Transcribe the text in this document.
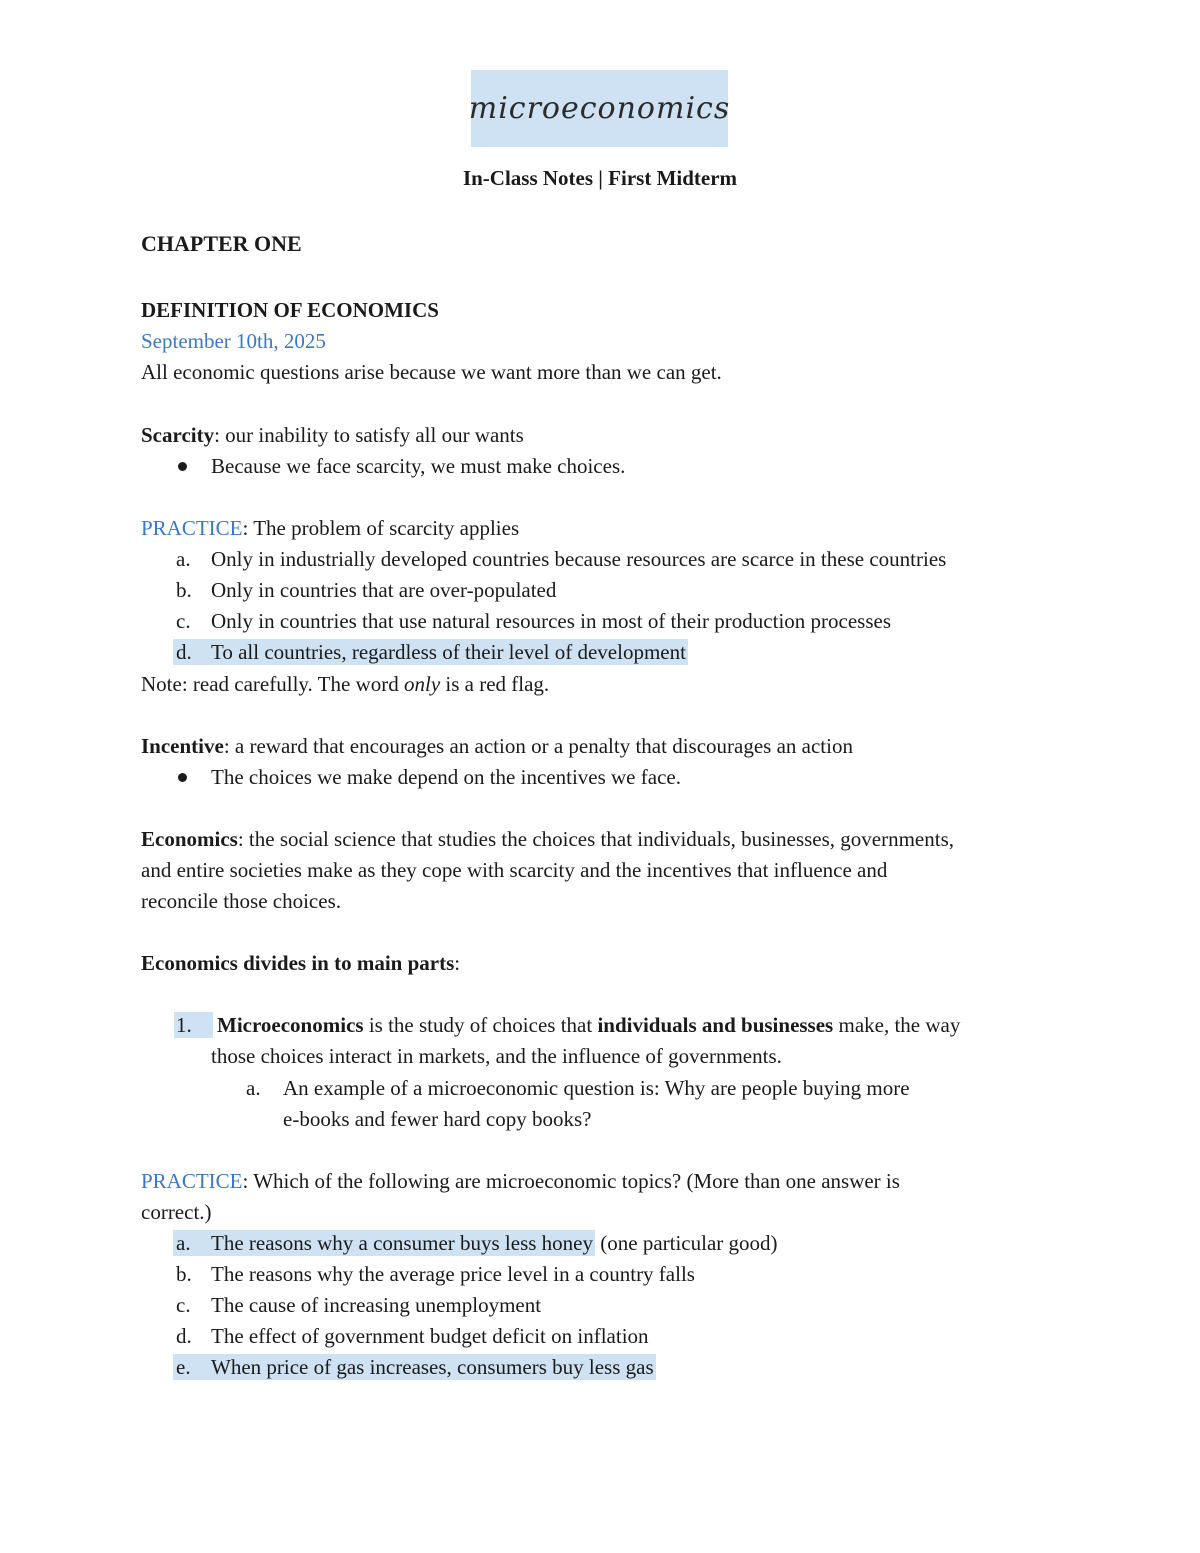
microeconomics
In-Class Notes | First Midterm
CHAPTER ONE
DEFINITION OF ECONOMICS
September 10th, 2025
All economic questions arise because we want more than we can get.
Scarcity: our inability to satisfy all our wants
Because we face scarcity, we must make choices.
PRACTICE: The problem of scarcity applies
a. Only in industrially developed countries because resources are scarce in these countries
b. Only in countries that are over-populated
c. Only in countries that use natural resources in most of their production processes
d. To all countries, regardless of their level of development
Note: read carefully. The word only is a red flag.
Incentive: a reward that encourages an action or a penalty that discourages an action
The choices we make depend on the incentives we face.
Economics: the social science that studies the choices that individuals, businesses, governments,
and entire societies make as they cope with scarcity and the incentives that influence and
reconcile those choices.
Economics divides in to main parts:
1.	Microeconomics is the study of choices that individuals and businesses make, the way
those choices interact in markets, and the influence of governments.
a. An example of a microeconomic question is: Why are people buying more
e-books and fewer hard copy books?
PRACTICE: Which of the following are microeconomic topics? (More than one answer is
correct.)
a. The reasons why a consumer buys less honey (one particular good)
b. The reasons why the average price level in a country falls
c. The cause of increasing unemployment
d. The effect of government budget deficit on inflation
e. When price of gas increases, consumers buy less gas
